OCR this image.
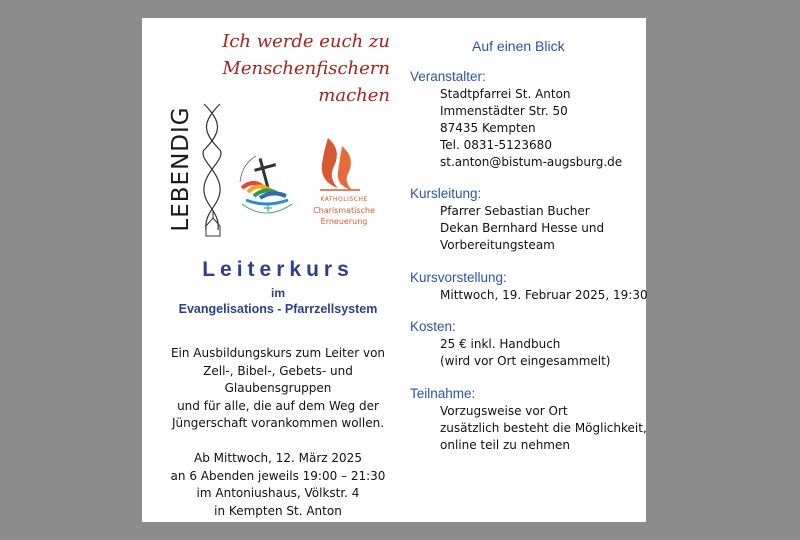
Ich werde euch zu
Menschenfischern machen
LEBENDIG	KATHOLISCHE
Charismatische
Erneuerung
Leiterkurs
im
Evangelisations - Pfarrzellsystem
Ein Ausbildungskurs zum Leiter von
Zell-, Bibel-, Gebets- und
Glaubensgruppen
und für alle, die auf dem Weg der
Jüngerschaft vorankommen wollen.
Ab Mittwoch, 12. März 2025
an 6 Abenden jeweils 19:00 – 21:30
im Antoniushaus, Völkstr. 4
in Kempten St. Anton
Auf einen Blick
Veranstalter:
Stadtpfarrei St. Anton
Immenstädter Str. 50
87435 Kempten
Tel. 0831-5123680
st.anton@bistum-augsburg.de
Kursleitung:
Pfarrer Sebastian Bucher
Dekan Bernhard Hesse und
Vorbereitungsteam
Kursvorstellung:
Mittwoch, 19. Februar 2025, 19:30
Kosten:
25 € inkl. Handbuch
(wird vor Ort eingesammelt)
Teilnahme:
Vorzugsweise vor Ort
zusätzlich besteht die Möglichkeit,
online teil zu nehmen
